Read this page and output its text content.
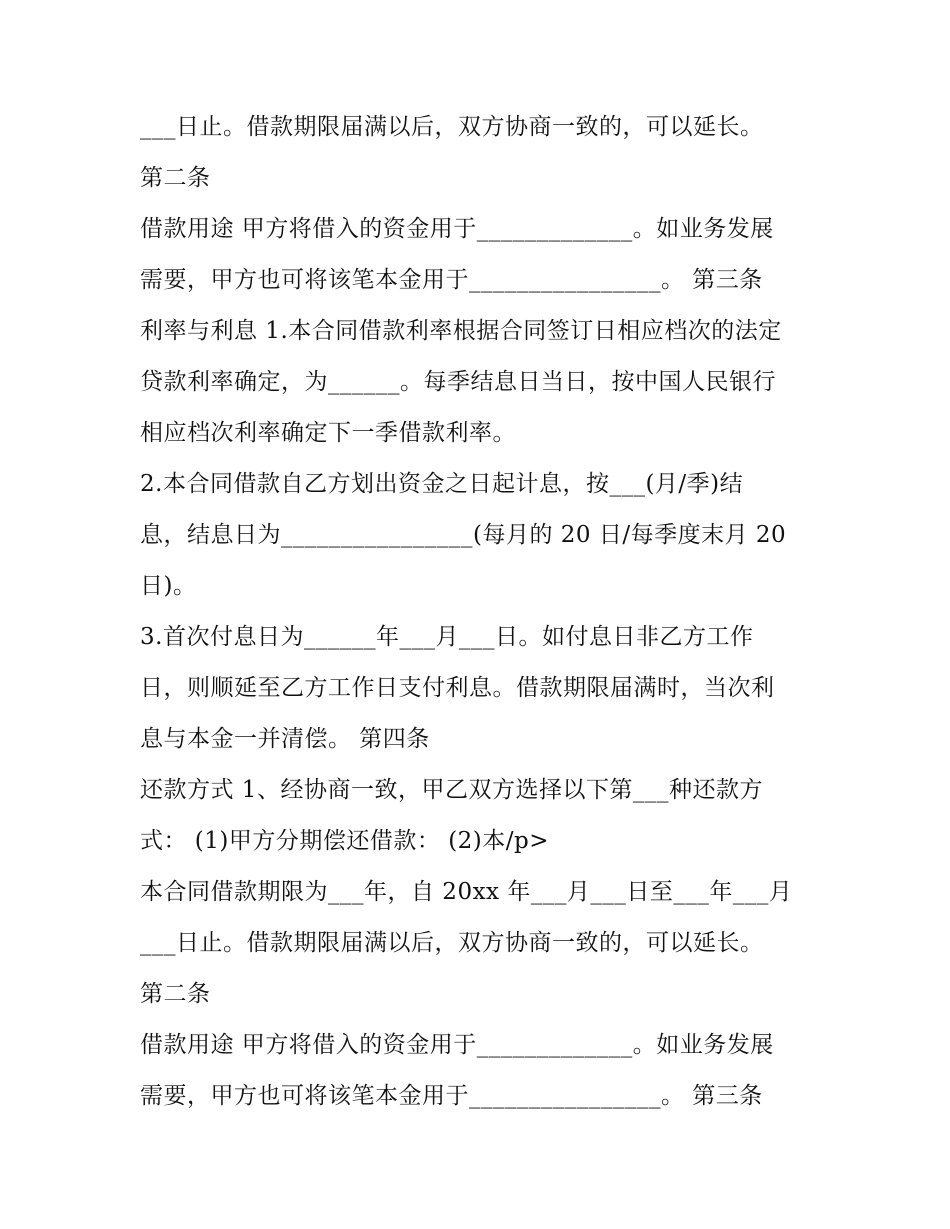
___日止。借款期限届满以后，双方协商一致的，可以延长。
第二条
借款用途 甲方将借入的资金用于_____________。如业务发展
需要，甲方也可将该笔本金用于________________。 第三条
利率与利息 1.本合同借款利率根据合同签订日相应档次的法定
贷款利率确定，为______。每季结息日当日，按中国人民银行
相应档次利率确定下一季借款利率。
2.本合同借款自乙方划出资金之日起计息，按___(月/季)结
息，结息日为________________(每月的 20 日/每季度末月 20
日)。
3.首次付息日为______年___月___日。如付息日非乙方工作
日，则顺延至乙方工作日支付利息。借款期限届满时，当次利
息与本金一并清偿。 第四条
还款方式 1、经协商一致，甲乙双方选择以下第___种还款方
式： (1)甲方分期偿还借款： (2)本/p>
本合同借款期限为___年，自 20xx 年___月___日至___年___月
___日止。借款期限届满以后，双方协商一致的，可以延长。
第二条
借款用途 甲方将借入的资金用于_____________。如业务发展
需要，甲方也可将该笔本金用于________________。 第三条
